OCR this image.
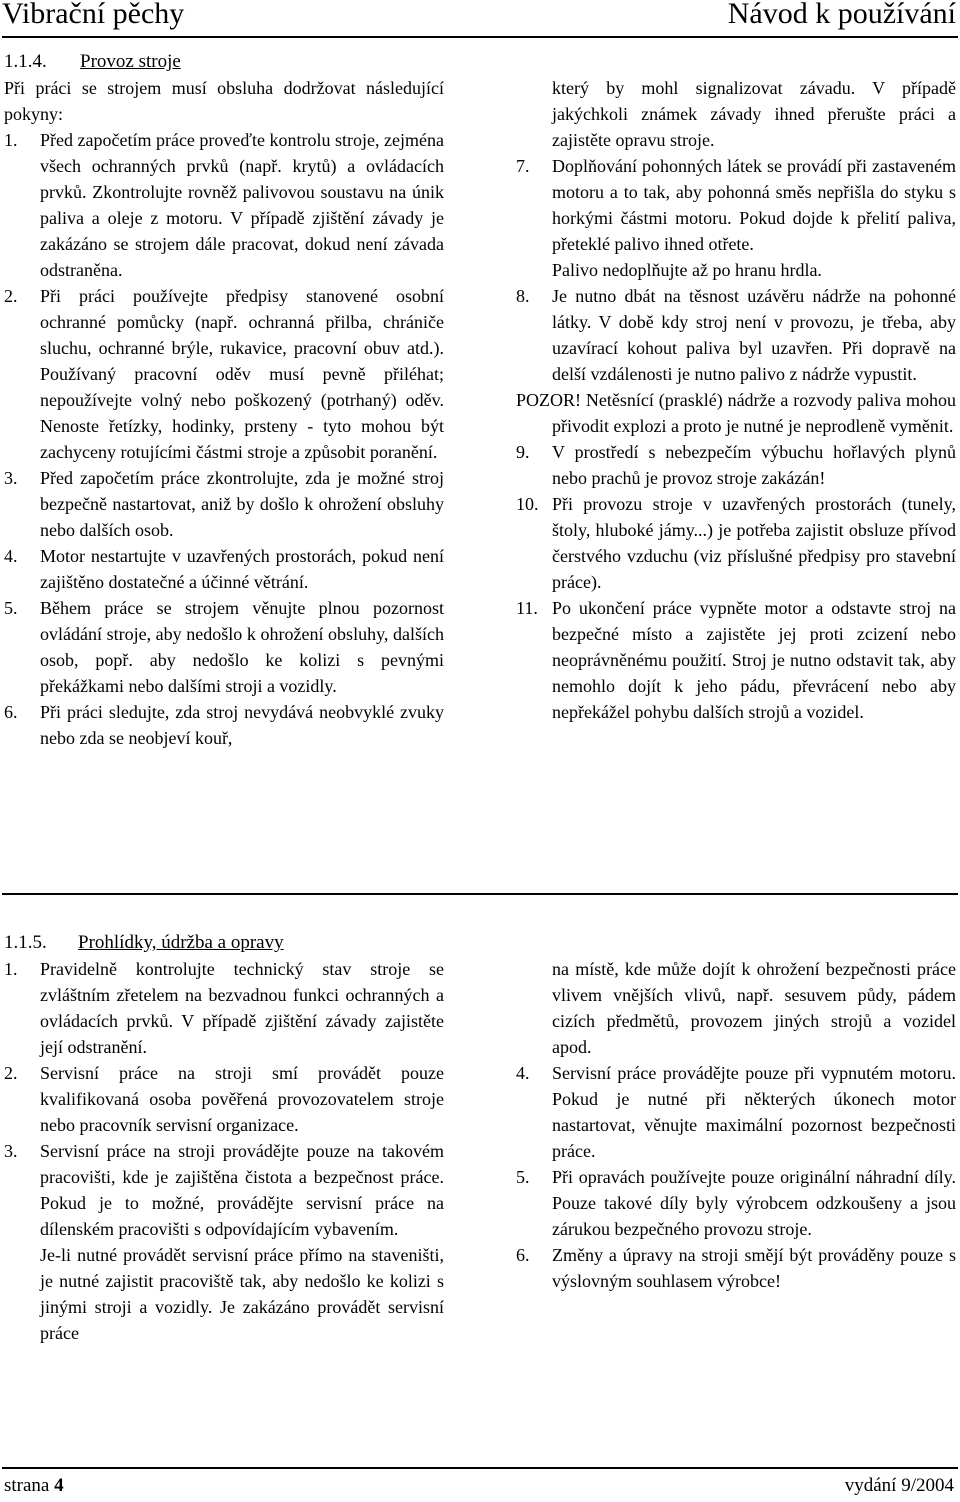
Vibrační pěchy	Návod k používání
1.1.4. Provoz stroje

Při práci se strojem musí obsluha dodržovat následující pokyny:

1. Před započetím práce proveďte kontrolu stroje, zejména všech ochranných prvků (např. krytů) a ovládacích prvků. Zkontrolujte rovněž palivovou soustavu na únik paliva a oleje z motoru. V případě zjištění závady je zakázáno se strojem dále pracovat, dokud není závada odstraněna.
2. Při práci používejte předpisy stanovené osobní ochranné pomůcky (např. ochranná přilba, chrániče sluchu, ochranné brýle, rukavice, pracovní obuv atd.). Používaný pracovní oděv musí pevně přiléhat; nepoužívejte volný nebo poškozený (potrhaný) oděv. Nenoste řetízky, hodinky, prsteny - tyto mohou být zachyceny rotujícími částmi stroje a způsobit poranění.
3. Před započetím práce zkontrolujte, zda je možné stroj bezpečně nastartovat, aniž by došlo k ohrožení obsluhy nebo dalších osob.
4. Motor nestartujte v uzavřených prostorách, pokud není zajištěno dostatečné a účinné větrání.
5. Během práce se strojem věnujte plnou pozornost ovládání stroje, aby nedošlo k ohrožení obsluhy, dalších osob, popř. aby nedošlo ke kolizi s pevnými překážkami nebo dalšími stroji a vozidly.
6. Při práci sledujte, zda stroj nevydává neobvyklé zvuky nebo zda se neobjeví kouř,

který by mohl signalizovat závadu. V případě jakýchkoli známek závady ihned přerušte práci a zajistěte opravu stroje.

7. Doplňování pohonných látek se provádí při zastaveném motoru a to tak, aby pohonná směs nepřišla do styku s horkými částmi motoru. Pokud dojde k přelití paliva, přeteklé palivo ihned otřete.

Palivo nedoplňujte až po hranu hrdla.

8. Je nutno dbát na těsnost uzávěru nádrže na pohonné látky. V době kdy stroj není v provozu, je třeba, aby uzavírací kohout paliva byl uzavřen. Při dopravě na delší vzdálenosti je nutno palivo z nádrže vypustit.

POZOR! Netěsnící (prasklé) nádrže a rozvody paliva mohou přivodit explozi a proto je nutné je neprodleně vyměnit.

9. V prostředí s nebezpečím výbuchu hořlavých plynů nebo prachů je provoz stroje zakázán!
10. Při provozu stroje v uzavřených prostorách (tunely, štoly, hluboké jámy...) je potřeba zajistit obsluze přívod čerstvého vzduchu (viz příslušné předpisy pro stavební práce).
11. Po ukončení práce vypněte motor a odstavte stroj na bezpečné místo a zajistěte jej proti zcizení nebo neoprávněnému použití. Stroj je nutno odstavit tak, aby nemohlo dojít k jeho pádu, převrácení nebo aby nepřekážel pohybu dalších strojů a vozidel.
1.1.5. Prohlídky, údržba a opravy
1. Pravidelně kontrolujte technický stav stroje se zvláštním zřetelem na bezvadnou funkci ochranných a ovládacích prvků. V případě zjištění závady zajistěte její odstranění.
2. Servisní práce na stroji smí provádět pouze kvalifikovaná osoba pověřená provozovatelem stroje nebo pracovník servisní organizace.
3. Servisní práce na stroji provádějte pouze na takovém pracovišti, kde je zajištěna čistota a bezpečnost práce. Pokud je to možné, provádějte servisní práce na dílenském pracovišti s odpovídajícím vybavením.

Je-li nutné provádět servisní práce přímo na staveništi, je nutné zajistit pracoviště tak, aby nedošlo ke kolizi s jinými stroji a vozidly. Je zakázáno provádět servisní práce

na místě, kde může dojít k ohrožení bezpečnosti práce vlivem vnějších vlivů, např. sesuvem půdy, pádem cizích předmětů, provozem jiných strojů a vozidel apod.

4. Servisní práce provádějte pouze při vypnutém motoru. Pokud je nutné při některých úkonech motor nastartovat, věnujte maximální pozornost bezpečnosti práce.
5. Při opravách používejte pouze originální náhradní díly. Pouze takové díly byly výrobcem odzkoušeny a jsou zárukou bezpečného provozu stroje.
6. Změny a úpravy na stroji smějí být prováděny pouze s výslovným souhlasem výrobce!
strana 4	vydání 9/2004
